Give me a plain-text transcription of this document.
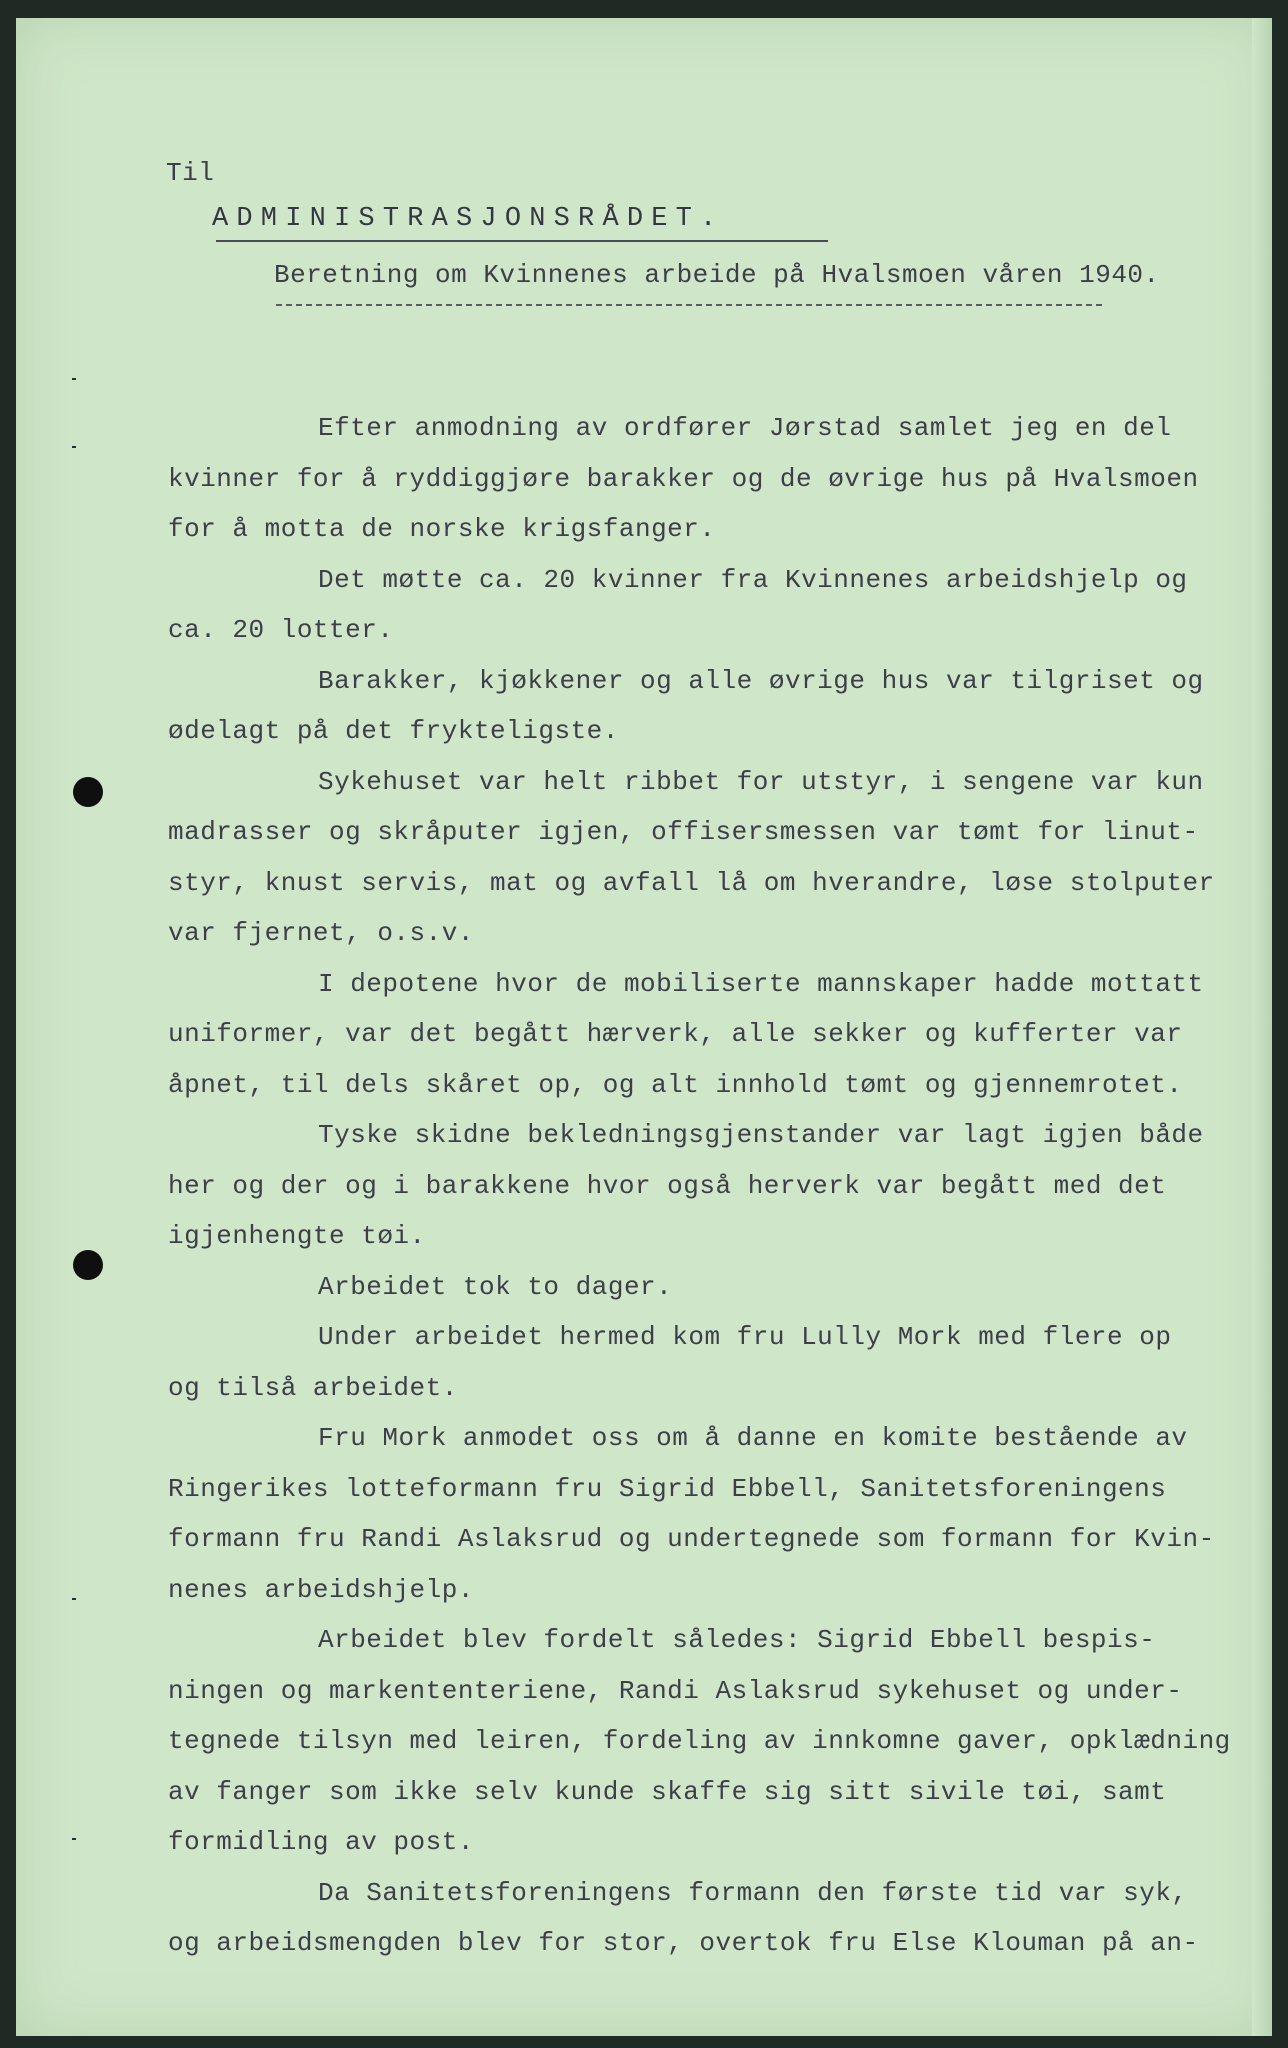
Til
ADMINISTRASJONSRÅDET.
Beretning om Kvinnenes arbeide på Hvalsmoen våren 1940.
Efter anmodning av ordfører Jørstad samlet jeg en del
kvinner for å ryddiggjøre barakker og de øvrige hus på Hvalsmoen
for å motta de norske krigsfanger.
Det møtte ca. 20 kvinner fra Kvinnenes arbeidshjelp og
ca. 20 lotter.
Barakker, kjøkkener og alle øvrige hus var tilgriset og
ødelagt på det frykteligste.
Sykehuset var helt ribbet for utstyr, i sengene var kun
madrasser og skråputer igjen, offisersmessen var tømt for linut-
styr, knust servis, mat og avfall lå om hverandre, løse stolputer
var fjernet, o.s.v.
I depotene hvor de mobiliserte mannskaper hadde mottatt
uniformer, var det begått hærverk, alle sekker og kufferter var
åpnet, til dels skåret op, og alt innhold tømt og gjennemrotet.
Tyske skidne bekledningsgjenstander var lagt igjen både
her og der og i barakkene hvor også herverk var begått med det
igjenhengte tøi.
Arbeidet tok to dager.
Under arbeidet hermed kom fru Lully Mork med flere op
og tilså arbeidet.
Fru Mork anmodet oss om å danne en komite bestående av
Ringerikes lotteformann fru Sigrid Ebbell, Sanitetsforeningens
formann fru Randi Aslaksrud og undertegnede som formann for Kvin-
nenes arbeidshjelp.
Arbeidet blev fordelt således: Sigrid Ebbell bespis-
ningen og markententeriene, Randi Aslaksrud sykehuset og under-
tegnede tilsyn med leiren, fordeling av innkomne gaver, opklædning
av fanger som ikke selv kunde skaffe sig sitt sivile tøi, samt
formidling av post.
Da Sanitetsforeningens formann den første tid var syk,
og arbeidsmengden blev for stor, overtok fru Else Klouman på an-
